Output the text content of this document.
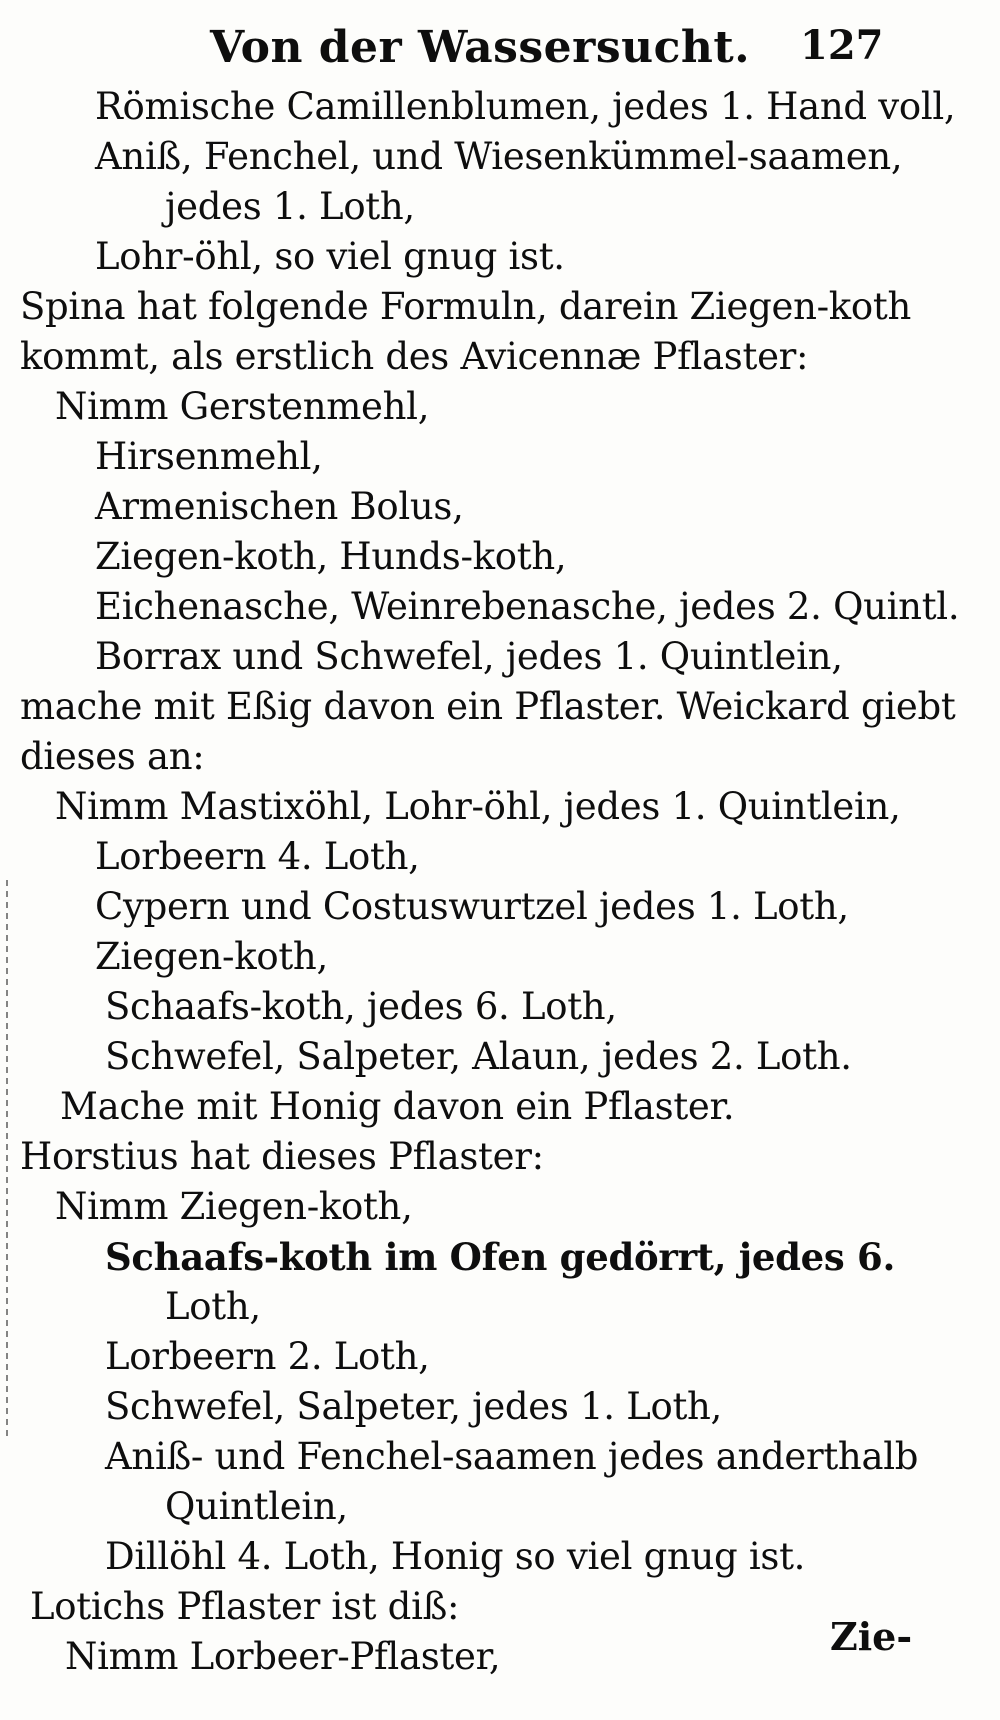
Von der Wassersucht. 127
Römische Camillenblumen, jedes 1. Hand voll,
Aniß, Fenchel, und Wiesenkümmel-saamen,
jedes 1. Loth,
Lohr-öhl, so viel gnug ist.
Spina hat folgende Formuln, darein Ziegen-koth
kommt, als erstlich des Avicennæ Pflaster:
Nimm Gerstenmehl,
Hirsenmehl,
Armenischen Bolus,
Ziegen-koth, Hunds-koth,
Eichenasche, Weinrebenasche, jedes 2. Quintl.
Borrax und Schwefel, jedes 1. Quintlein,
mache mit Eßig davon ein Pflaster. Weickard giebt
dieses an:
Nimm Mastixöhl, Lohr-öhl, jedes 1. Quintlein,
Lorbeern 4. Loth,
Cypern und Costuswurtzel jedes 1. Loth,
Ziegen-koth,
Schaafs-koth, jedes 6. Loth,
Schwefel, Salpeter, Alaun, jedes 2. Loth.
Mache mit Honig davon ein Pflaster.
Horstius hat dieses Pflaster:
Nimm Ziegen-koth,
Schaafs-koth im Ofen gedörrt, jedes 6.
Loth,
Lorbeern 2. Loth,
Schwefel, Salpeter, jedes 1. Loth,
Aniß- und Fenchel-saamen jedes anderthalb
Quintlein,
Dillöhl 4. Loth, Honig so viel gnug ist.
Lotichs Pflaster ist diß:
Nimm Lorbeer-Pflaster,	Zie-
